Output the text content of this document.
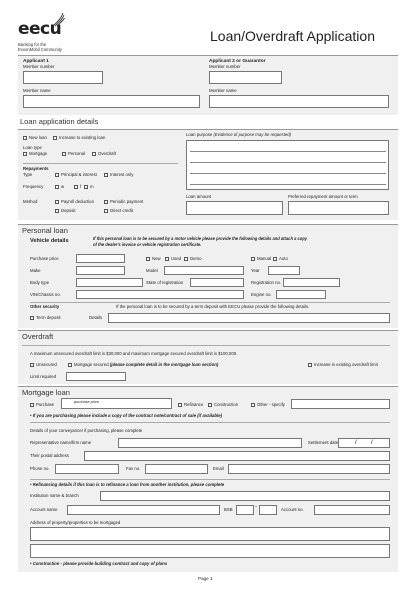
eecu
Banking for the
ExxonMobil Community
Loan/Overdraft Application
Applicant 1
Member number
Member name
Applicant 2 or Guarantor
Member number
Member name
Loan application details
New loan	Increase to existing loan
Loan type
Mortgage	Personal	Overdraft
Repayments
Type	Principal & interest	Interest only
Frequency	w	f m
Method	Payroll deduction	Periodic payment
Deposit	Direct credit
Loan purpose (Evidence of purpose may be requested)
Loan amount	Preferred repayment amount or term
Personal loan
Vehicle details	If this personal loan is to be secured by a motor vehicle please provide the following details and attach a copy
of the dealer's invoice or vehicle registration certificate.
Purchase price	New Used Demo	Manual Auto
Make	Model	Year
Body type	State of registration	Registration no.
VIN/Chassis no.	Engine no.
Other security	If the personal loan is to be secured by a term deposit with EECU please provide the following details.
Term deposit	Details
Overdraft
A maximum unsecured overdraft limit is $30,000 and maximum mortgage secured overdraft limit is $100,000.
Unsecured	Mortgage secured (please complete detail in the mortgage loan section)	Increase in existing overdraft limit
Limit required
Mortgage loan
Purchase
purchase price
Refinance Construction	Other - specify
• If you are purchasing please include a copy of the contract note/contract of sale (if available)
Details of your conveyancer if purchasing, please complete
Representative name/firm name	Settlement date	/ /
Their postal address
Phone no.	Fax no.	Email
• Refinancing details if this loan is to refinance a loan from another institution, please complete
Institution name & branch
Account name	BSB	-	Account no.
Address of property/properties to be mortgaged
• Construction - please provide building contract and copy of plans
Page 1
